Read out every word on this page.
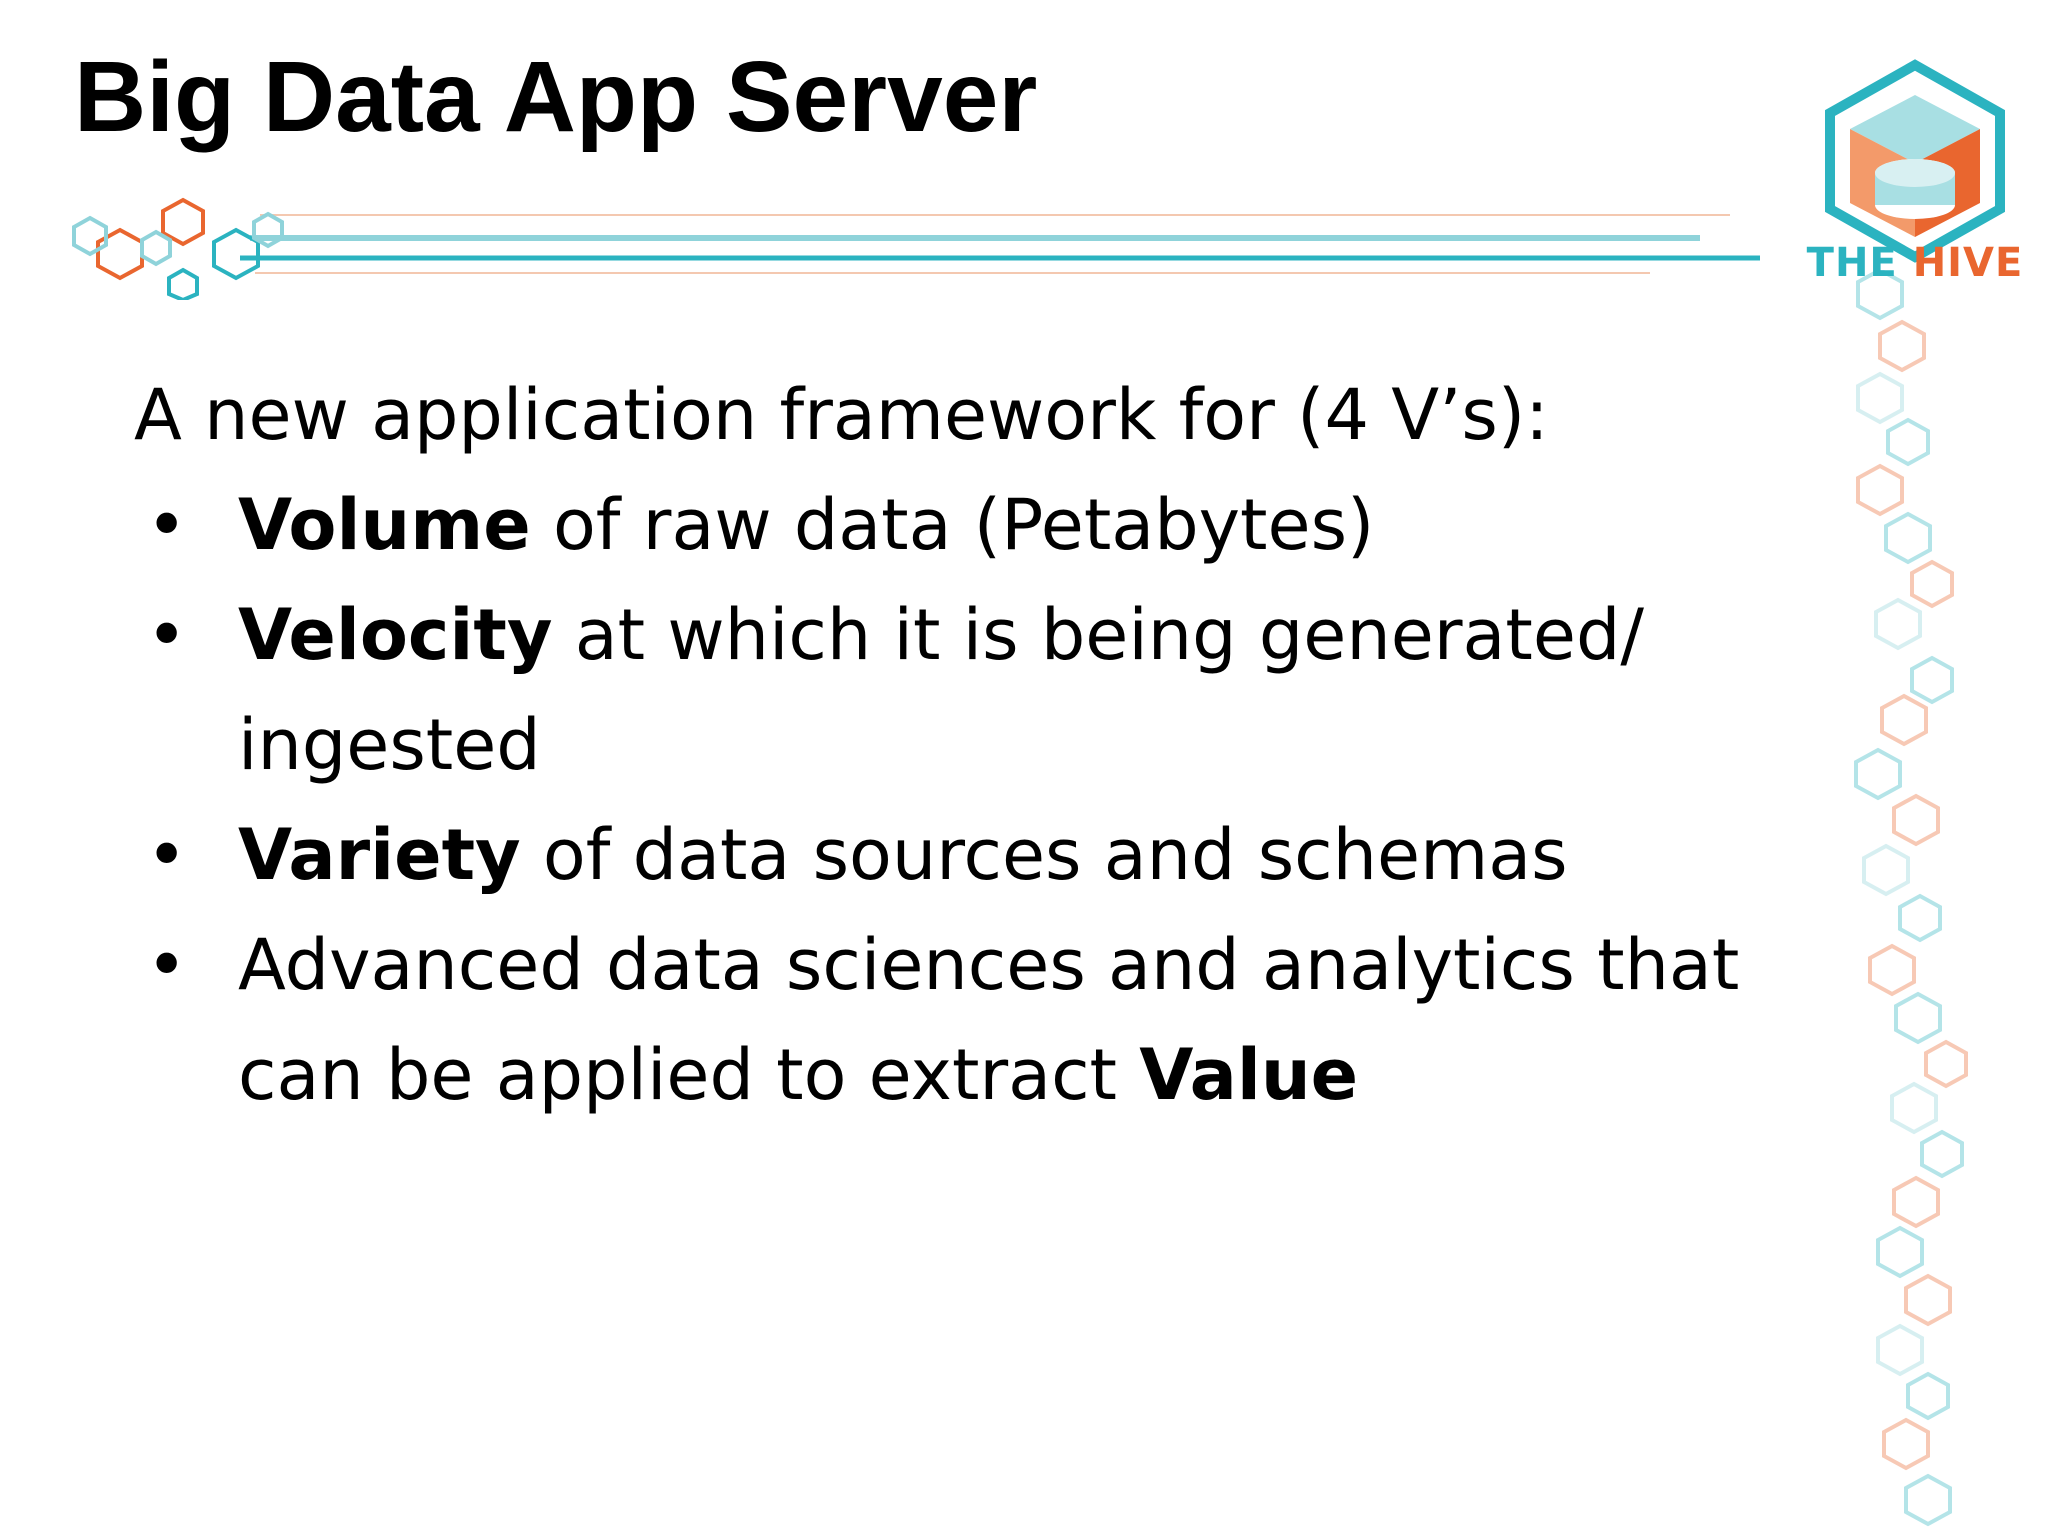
Big Data App Server
THE HIVE

A new application framework for (4 V’s):

• Volume of raw data (Petabytes)
• Velocity at which it is being generated/ ingested
• Variety of data sources and schemas
• Advanced data sciences and analytics that can be applied to extract Value
